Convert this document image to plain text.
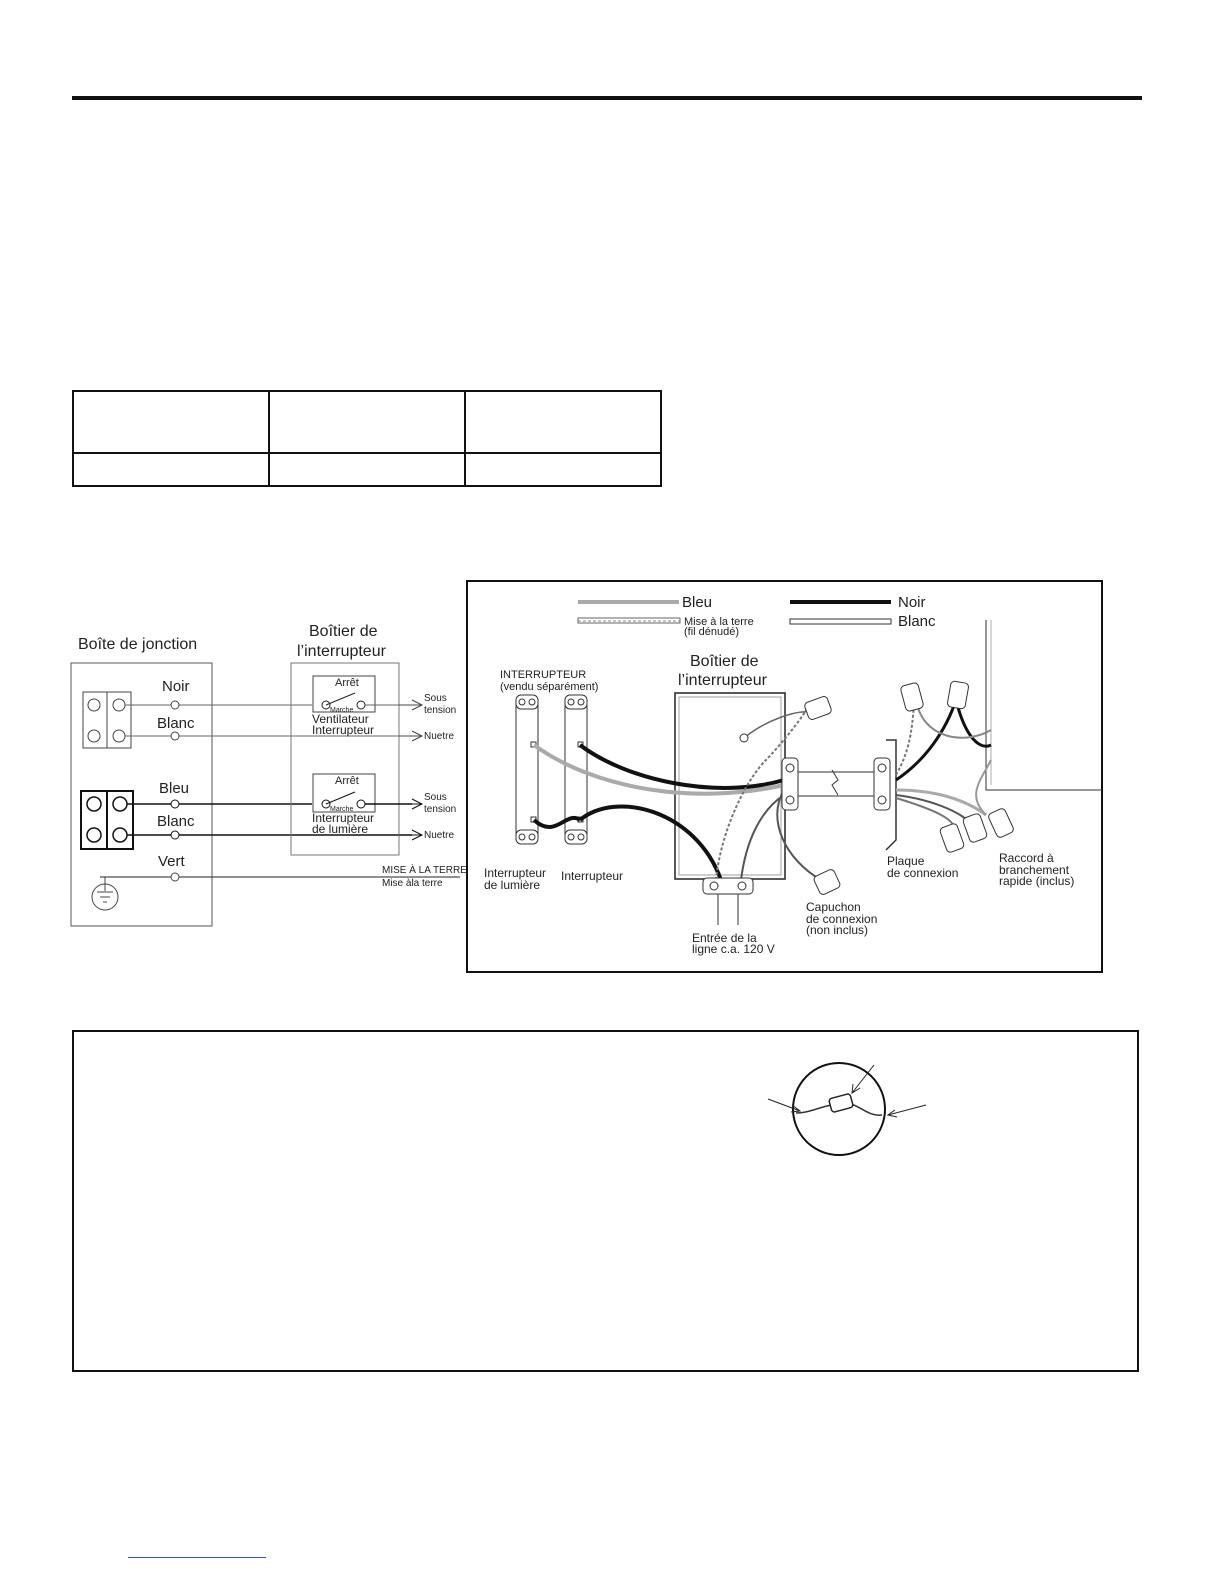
Boîte de jonction
Noir
Blanc
Bleu
Blanc
Vert
Boîtier de
l’interrupteur
Arrêt
Marche
Ventilateur
Interrupteur
Arrêt
Marche
Interrupteur
de lumière
Sous
tension
Nuetre
Sous
tension
Nuetre
MISE À LA TERRE
Mise àla terre
Bleu	Noir
Mise à la terre
(fil dénudé)
Blanc
INTERRUPTEUR
(vendu séparément)
Boîtier de
l’interrupteur
Interrupteur
de lumière
Interrupteur
Plaque
de connexion
Raccord à
branchement
rapide (inclus)
Capuchon
de connexion
(non inclus)
Entrée de la
ligne c.a. 120 V
